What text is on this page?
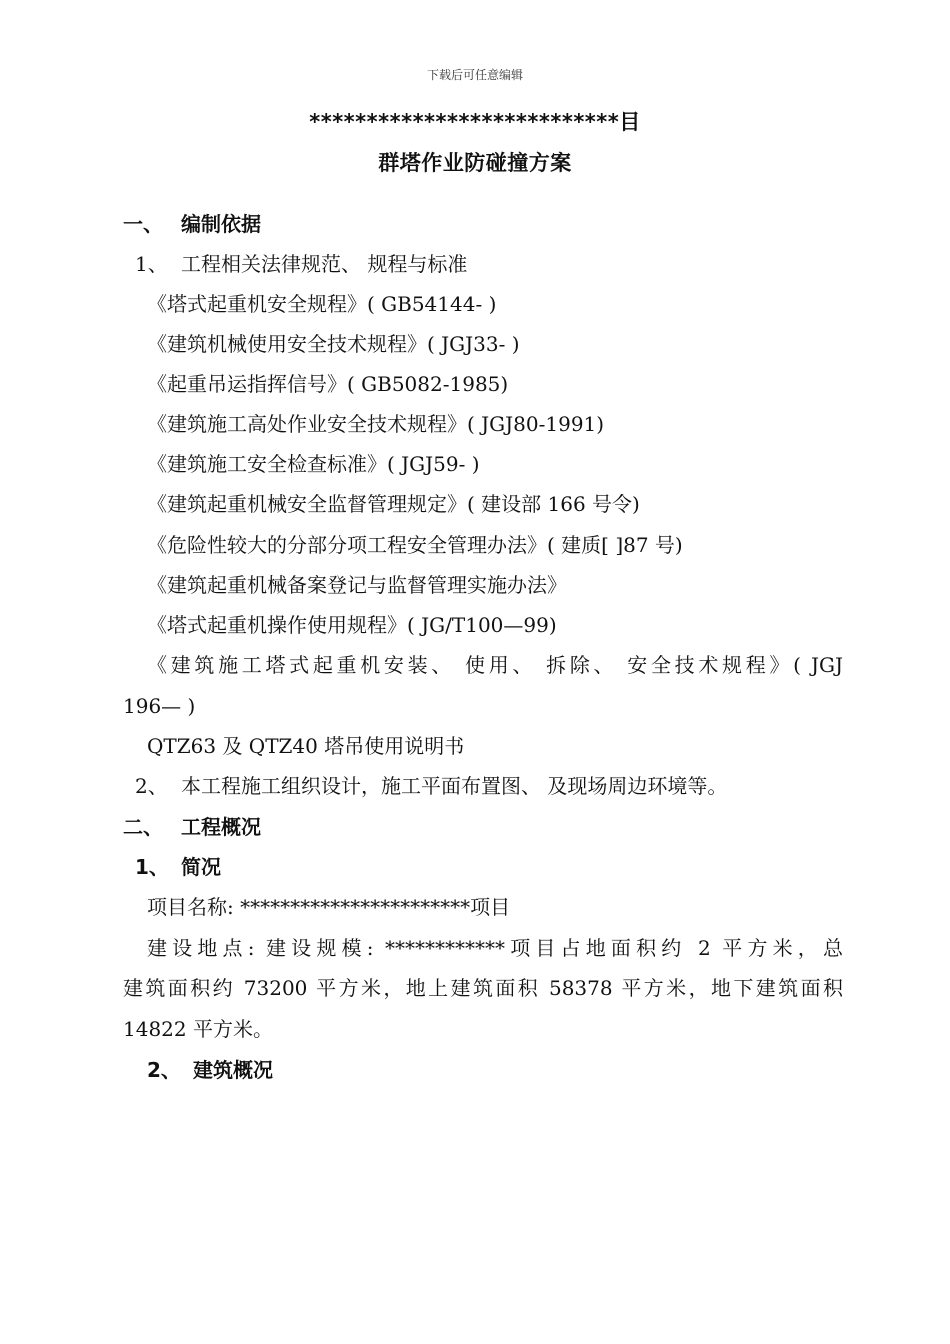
下载后可任意编辑
***************************目
群塔作业防碰撞方案
一、 编制依据
1、 工程相关法律规范、 规程与标准
《塔式起重机安全规程》( GB54144- )
《建筑机械使用安全技术规程》( JGJ33- )
《起重吊运指挥信号》( GB5082-1985)
《建筑施工高处作业安全技术规程》( JGJ80-1991)
《建筑施工安全检查标准》( JGJ59- )
《建筑起重机械安全监督管理规定》( 建设部 166 号令)
《危险性较大的分部分项工程安全管理办法》( 建质[ ]87 号)
《建筑起重机械备案登记与监督管理实施办法》
《塔式起重机操作使用规程》( JG/T100—99)
《建筑施工塔式起重机安装、 使用、 拆除、 安全技术规程》( JGJ
196— )
QTZ63 及 QTZ40 塔吊使用说明书
2、 本工程施工组织设计，施工平面布置图、 及现场周边环境等。
二、 工程概况
1、 简况
项目名称: ***********************项目
建设地点: 建设规模: ************项目占地面积约 2 平方米，总
建筑面积约 73200 平方米，地上建筑面积 58378 平方米，地下建筑面积
14822 平方米。
2、 建筑概况
